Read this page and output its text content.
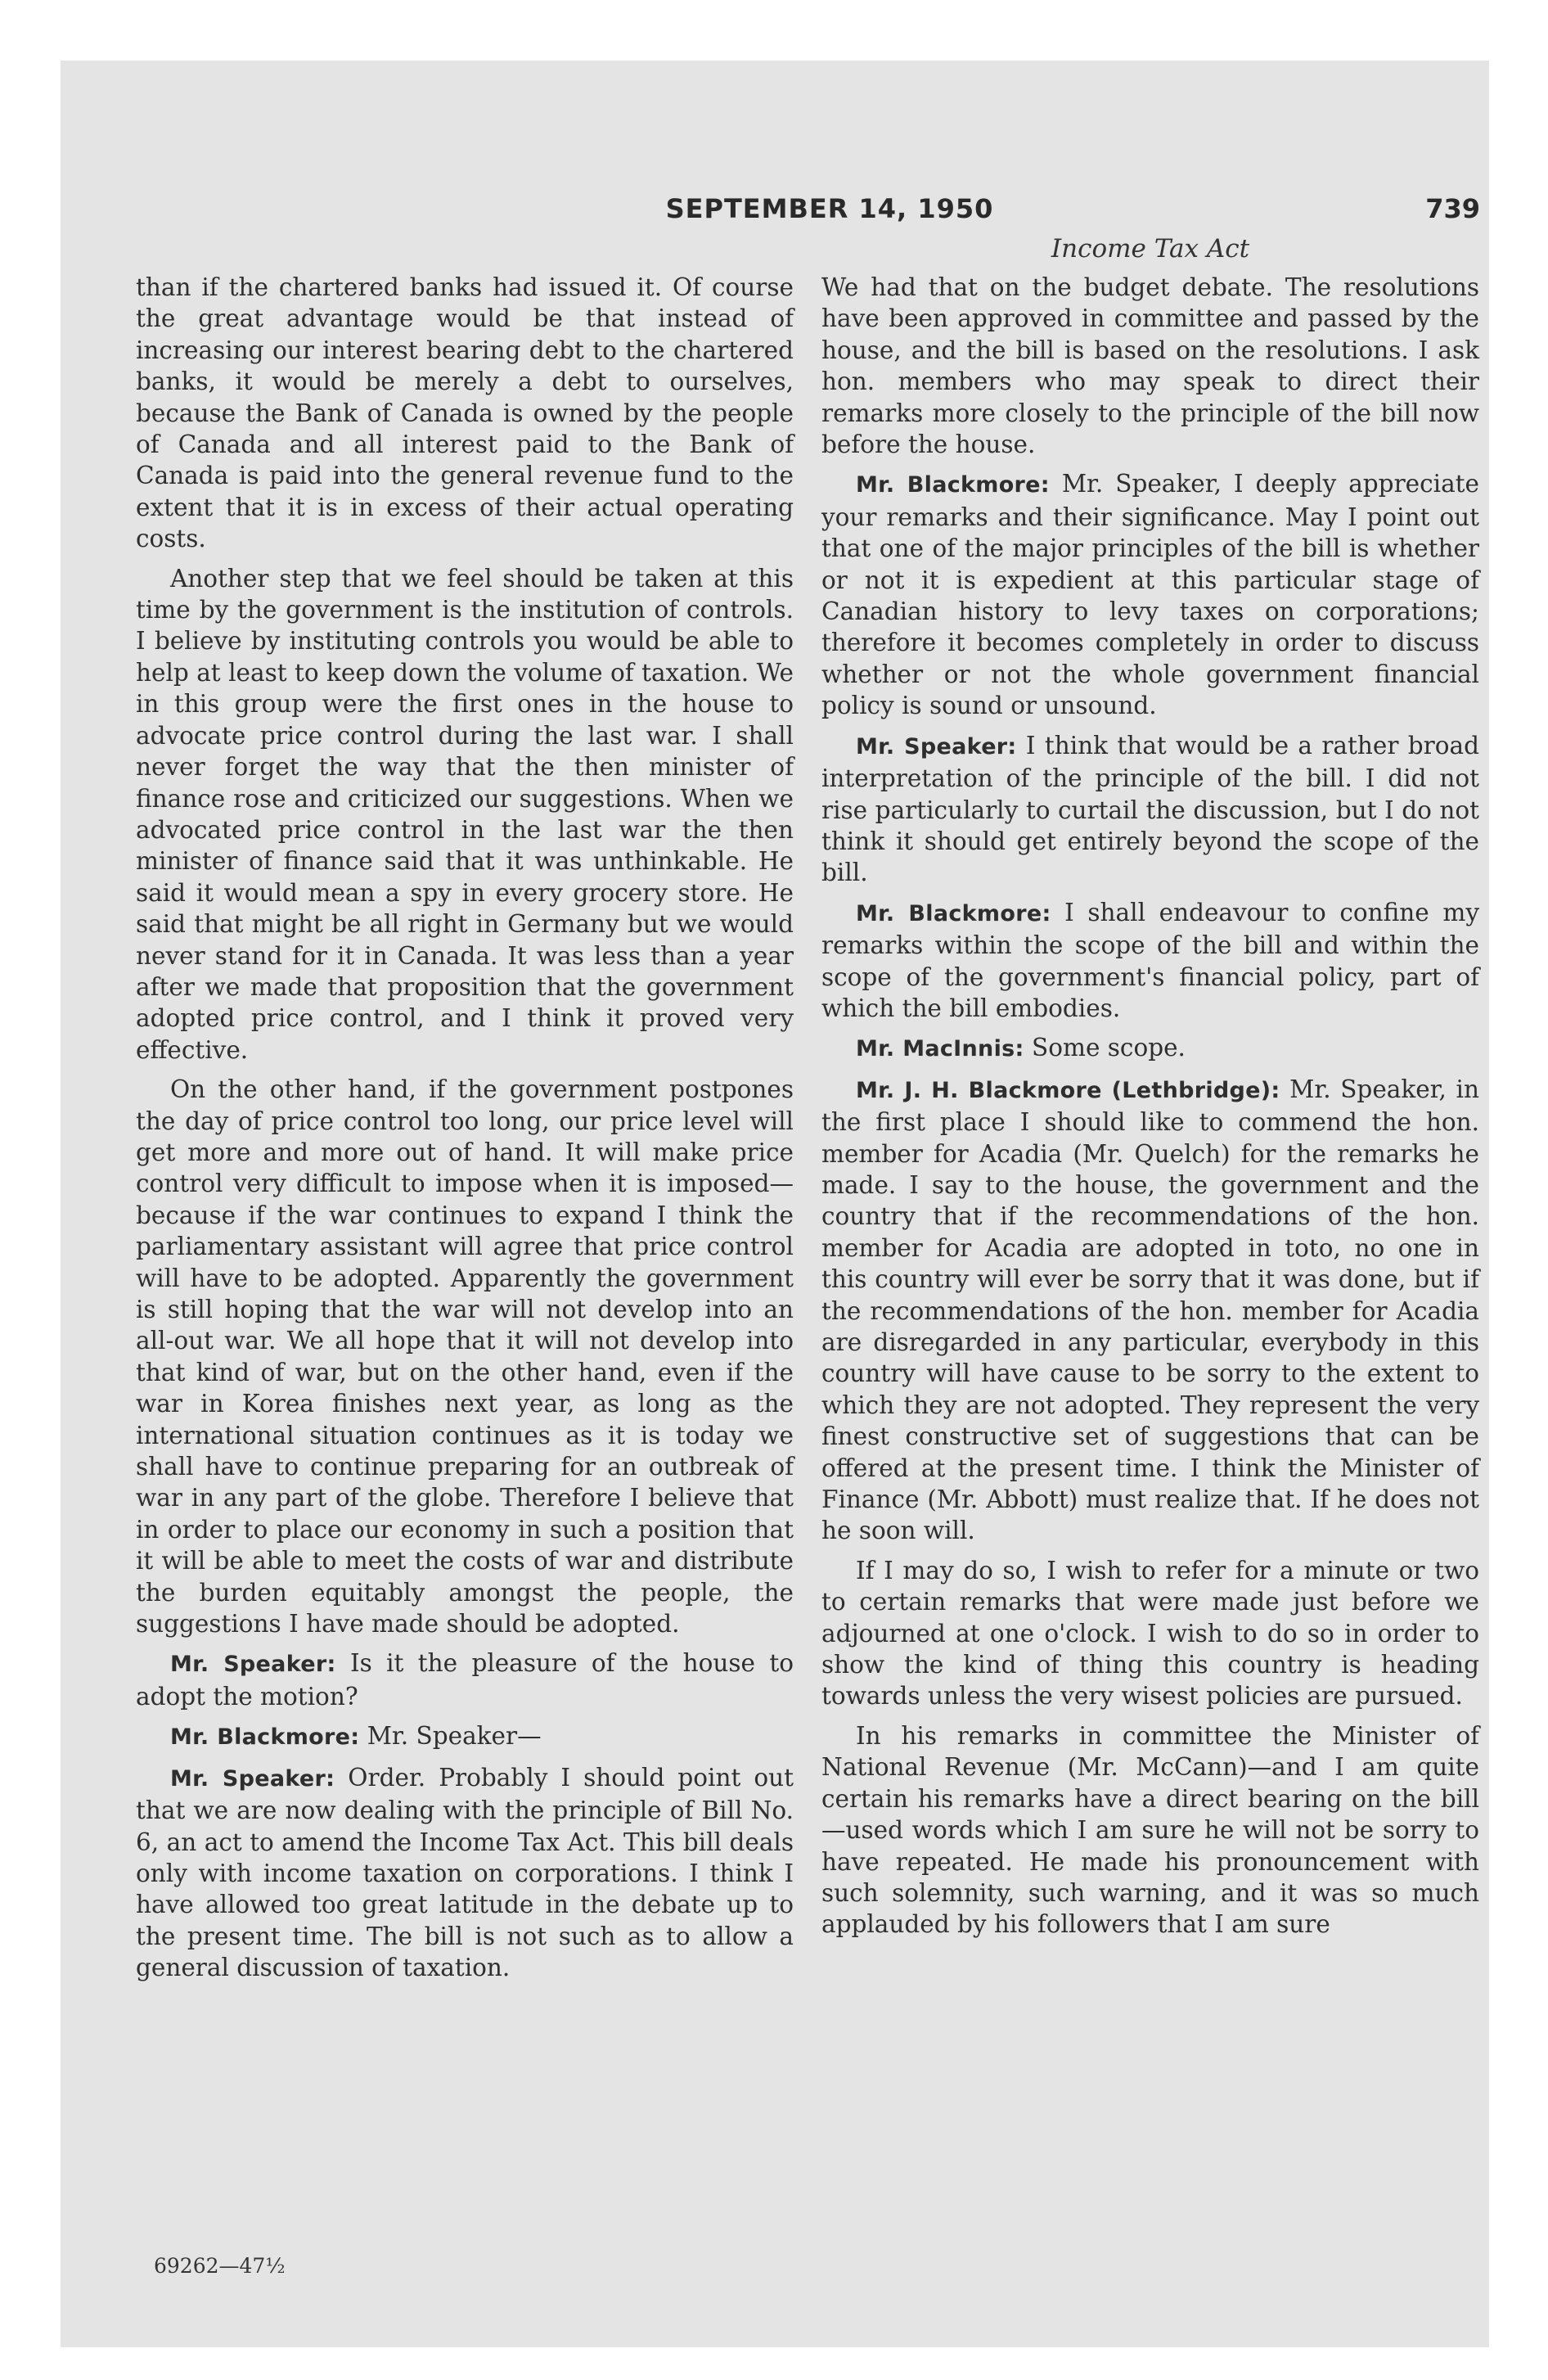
SEPTEMBER 14, 1950	739
Income Tax Act

than if the chartered banks had issued it. Of course the great advantage would be that instead of increasing our interest bearing debt to the chartered banks, it would be merely a debt to ourselves, because the Bank of Canada is owned by the people of Canada and all interest paid to the Bank of Canada is paid into the general revenue fund to the extent that it is in excess of their actual operating costs.

Another step that we feel should be taken at this time by the government is the institution of controls. I believe by instituting controls you would be able to help at least to keep down the volume of taxation. We in this group were the first ones in the house to advocate price control during the last war. I shall never forget the way that the then minister of finance rose and criticized our suggestions. When we advocated price control in the last war the then minister of finance said that it was unthinkable. He said it would mean a spy in every grocery store. He said that might be all right in Germany but we would never stand for it in Canada. It was less than a year after we made that proposition that the government adopted price control, and I think it proved very effective.

On the other hand, if the government postpones the day of price control too long, our price level will get more and more out of hand. It will make price control very difficult to impose when it is imposed—because if the war continues to expand I think the parliamentary assistant will agree that price control will have to be adopted. Apparently the government is still hoping that the war will not develop into an all-out war. We all hope that it will not develop into that kind of war, but on the other hand, even if the war in Korea finishes next year, as long as the international situation continues as it is today we shall have to continue preparing for an outbreak of war in any part of the globe. Therefore I believe that in order to place our economy in such a position that it will be able to meet the costs of war and distribute the burden equitably amongst the people, the suggestions I have made should be adopted.

Mr. Speaker: Is it the pleasure of the house to adopt the motion?

Mr. Blackmore: Mr. Speaker—

Mr. Speaker: Order. Probably I should point out that we are now dealing with the principle of Bill No. 6, an act to amend the Income Tax Act. This bill deals only with income taxation on corporations. I think I have allowed too great latitude in the debate up to the present time. The bill is not such as to allow a general discussion of taxation.

We had that on the budget debate. The resolutions have been approved in committee and passed by the house, and the bill is based on the resolutions. I ask hon. members who may speak to direct their remarks more closely to the principle of the bill now before the house.

Mr. Blackmore: Mr. Speaker, I deeply appreciate your remarks and their significance. May I point out that one of the major principles of the bill is whether or not it is expedient at this particular stage of Canadian history to levy taxes on corporations; therefore it becomes completely in order to discuss whether or not the whole government financial policy is sound or unsound.

Mr. Speaker: I think that would be a rather broad interpretation of the principle of the bill. I did not rise particularly to curtail the discussion, but I do not think it should get entirely beyond the scope of the bill.

Mr. Blackmore: I shall endeavour to confine my remarks within the scope of the bill and within the scope of the government's financial policy, part of which the bill embodies.

Mr. MacInnis: Some scope.

Mr. J. H. Blackmore (Lethbridge): Mr. Speaker, in the first place I should like to commend the hon. member for Acadia (Mr. Quelch) for the remarks he made. I say to the house, the government and the country that if the recommendations of the hon. member for Acadia are adopted in toto, no one in this country will ever be sorry that it was done, but if the recommendations of the hon. member for Acadia are disregarded in any particular, everybody in this country will have cause to be sorry to the extent to which they are not adopted. They represent the very finest constructive set of suggestions that can be offered at the present time. I think the Minister of Finance (Mr. Abbott) must realize that. If he does not he soon will.

If I may do so, I wish to refer for a minute or two to certain remarks that were made just before we adjourned at one o'clock. I wish to do so in order to show the kind of thing this country is heading towards unless the very wisest policies are pursued.

In his remarks in committee the Minister of National Revenue (Mr. McCann)—and I am quite certain his remarks have a direct bearing on the bill—used words which I am sure he will not be sorry to have repeated. He made his pronouncement with such solemnity, such warning, and it was so much applauded by his followers that I am sure

69262—47½
